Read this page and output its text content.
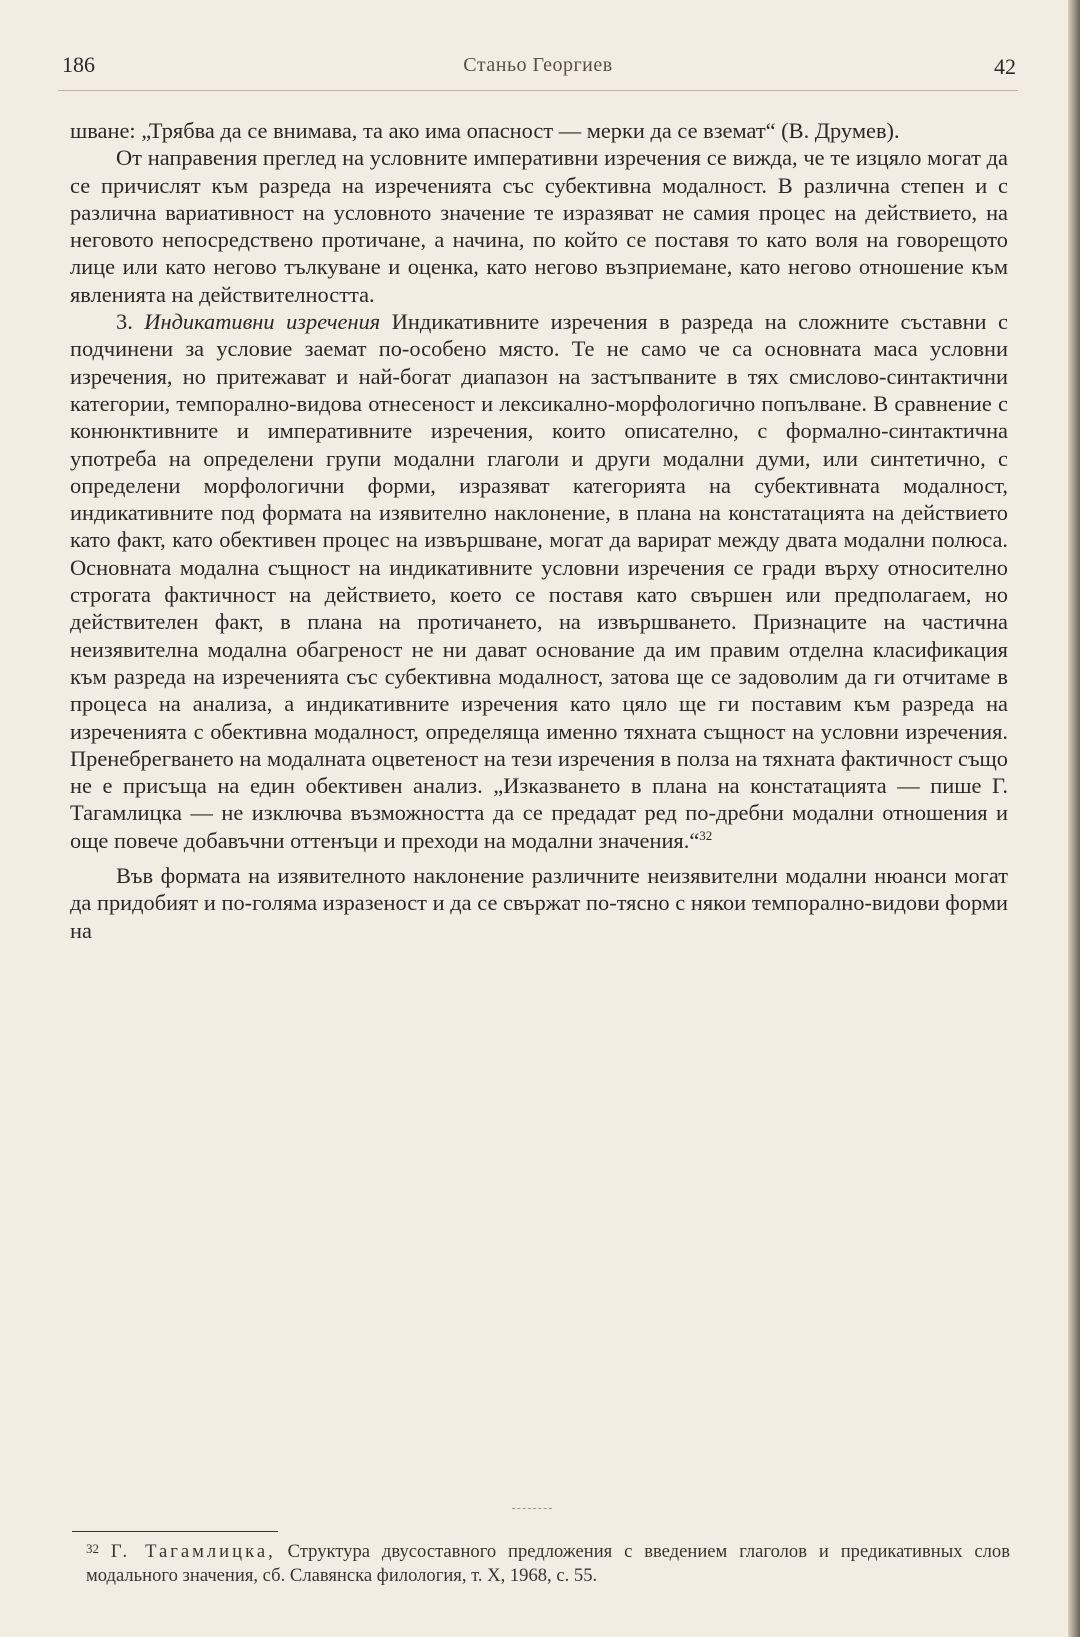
186	Станьо Георгиев	42

шване: „Трябва да се внимава, та ако има опасност — мерки да се вземат“ (В. Друмев).

От направения преглед на условните императивни изречения се вижда, че те изцяло могат да се причислят към разреда на изреченията със субективна модалност. В различна степен и с различна вариативност на условното значение те изразяват не самия процес на действието, на неговото непосредствено протичане, а начина, по който се поставя то като воля на говорещото лице или като негово тълкуване и оценка, като негово възприемане, като негово отношение към явленията на действителността.

3. Индикативни изречения Индикативните изречения в разреда на сложните съставни с подчинени за условие заемат по-особено място. Те не само че са основната маса условни изречения, но притежават и най-богат диапазон на застъпваните в тях смислово-синтактични категории, темпорално-видова отнесеност и лексикално-морфологично попълване. В сравнение с конюнктивните и императивните изречения, които описателно, с формално-синтактична употреба на определени групи модални глаголи и други модални думи, или синтетично, с определени морфологични форми, изразяват категорията на субективната модалност, индикативните под формата на изявително наклонение, в плана на констатацията на действието като факт, като обективен процес на извършване, могат да варират между двата модални полюса. Основната модална същност на индикативните условни изречения се гради върху относително строгата фактичност на действието, което се поставя като свършен или предполагаем, но действителен факт, в плана на протичането, на извършването. Признаците на частична неизявителна модална обагреност не ни дават основание да им правим отделна класификация към разреда на изреченията със субективна модалност, затова ще се задоволим да ги отчитаме в процеса на анализа, а индикативните изречения като цяло ще ги поставим към разреда на изреченията с обективна модалност, определяща именно тяхната същност на условни изречения. Пренебрегването на модалната оцветеност на тези изречения в полза на тяхната фактичност също не е присъща на един обективен анализ. „Изказването в плана на констатацията — пише Г. Тагамлицка — не изключва възможността да се предадат ред по-дребни модални отношения и още повече добавъчни оттенъци и преходи на модални значения.“$^{32}$

Във формата на изявителното наклонение различните неизявителни модални нюанси могат да придобият и по-голяма изразеност и да се свържат по-тясно с някои темпорално-видови форми на

$^{32}$ Г. Тагамлицка, Структура двусоставного предложения с введением глаголов и предикативных слов модального значения, сб. Славянска филология, т. X, 1968, с. 55.
